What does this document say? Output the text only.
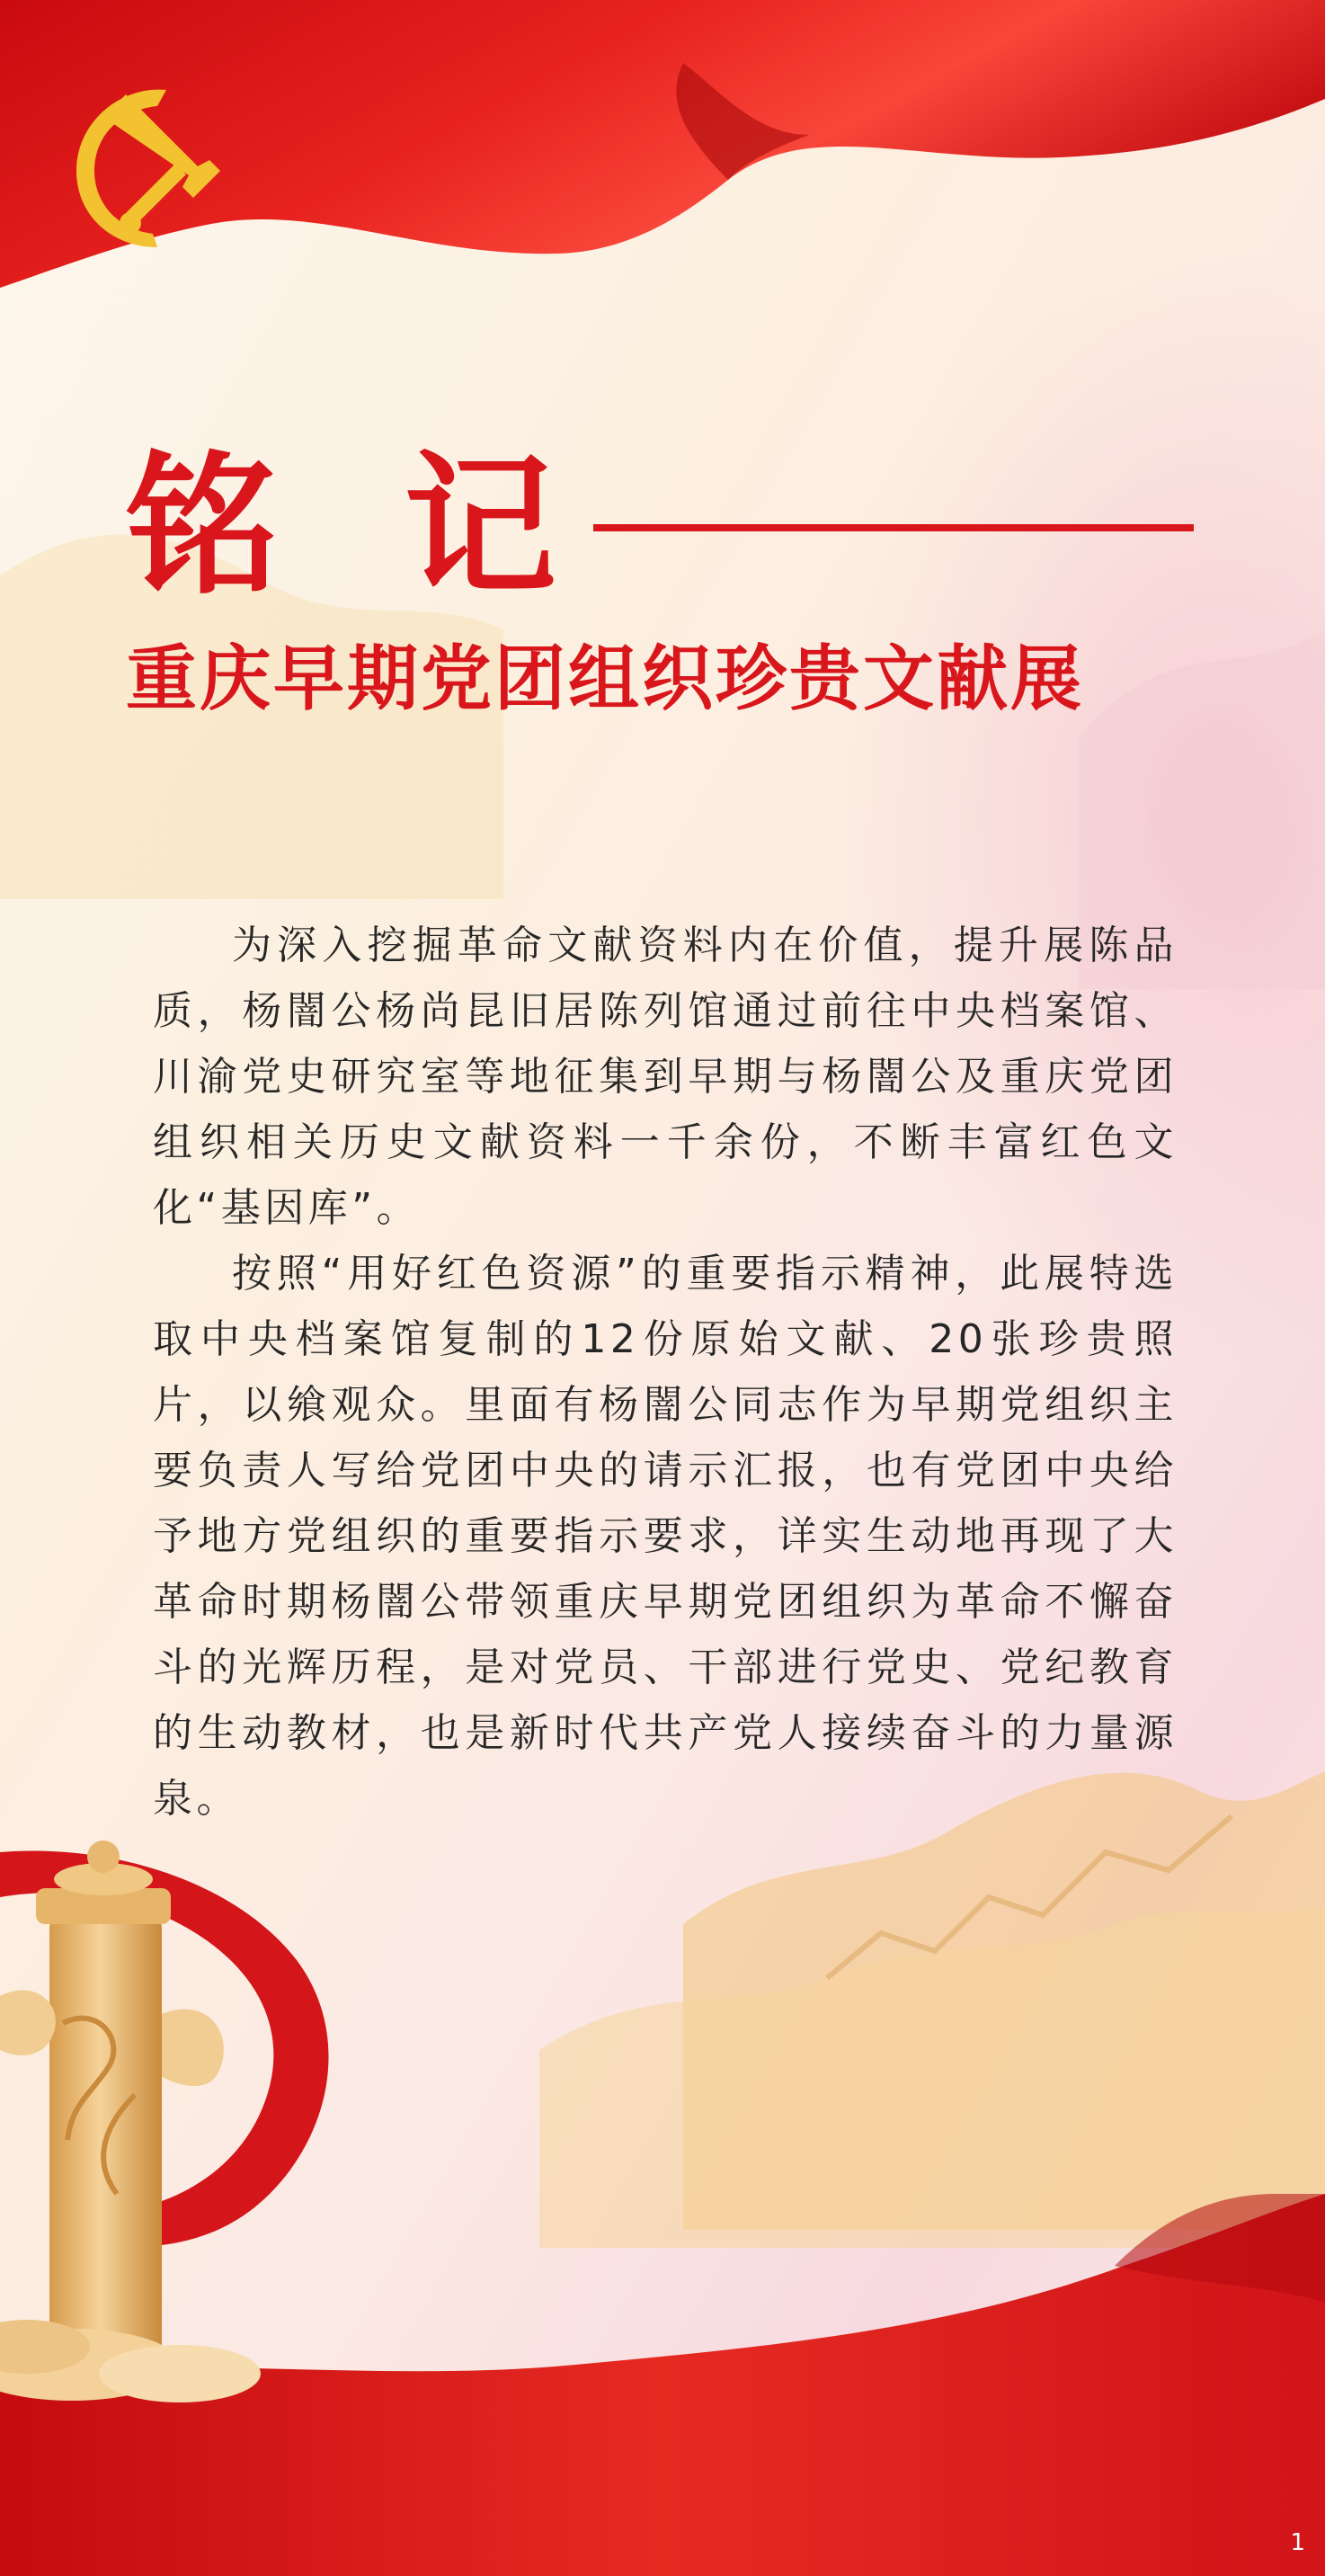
铭 记
重庆早期党团组织珍贵文献展

为深入挖掘革命文献资料内在价值，提升展陈品质，杨闇公杨尚昆旧居陈列馆通过前往中央档案馆、川渝党史研究室等地征集到早期与杨闇公及重庆党团组织相关历史文献资料一千余份，不断丰富红色文化“基因库”。

按照“用好红色资源”的重要指示精神，此展特选取中央档案馆复制的12份原始文献、20张珍贵照片，以飨观众。里面有杨闇公同志作为早期党组织主要负责人写给党团中央的请示汇报，也有党团中央给予地方党组织的重要指示要求，详实生动地再现了大革命时期杨闇公带领重庆早期党团组织为革命不懈奋斗的光辉历程，是对党员、干部进行党史、党纪教育的生动教材，也是新时代共产党人接续奋斗的力量源泉。

1
